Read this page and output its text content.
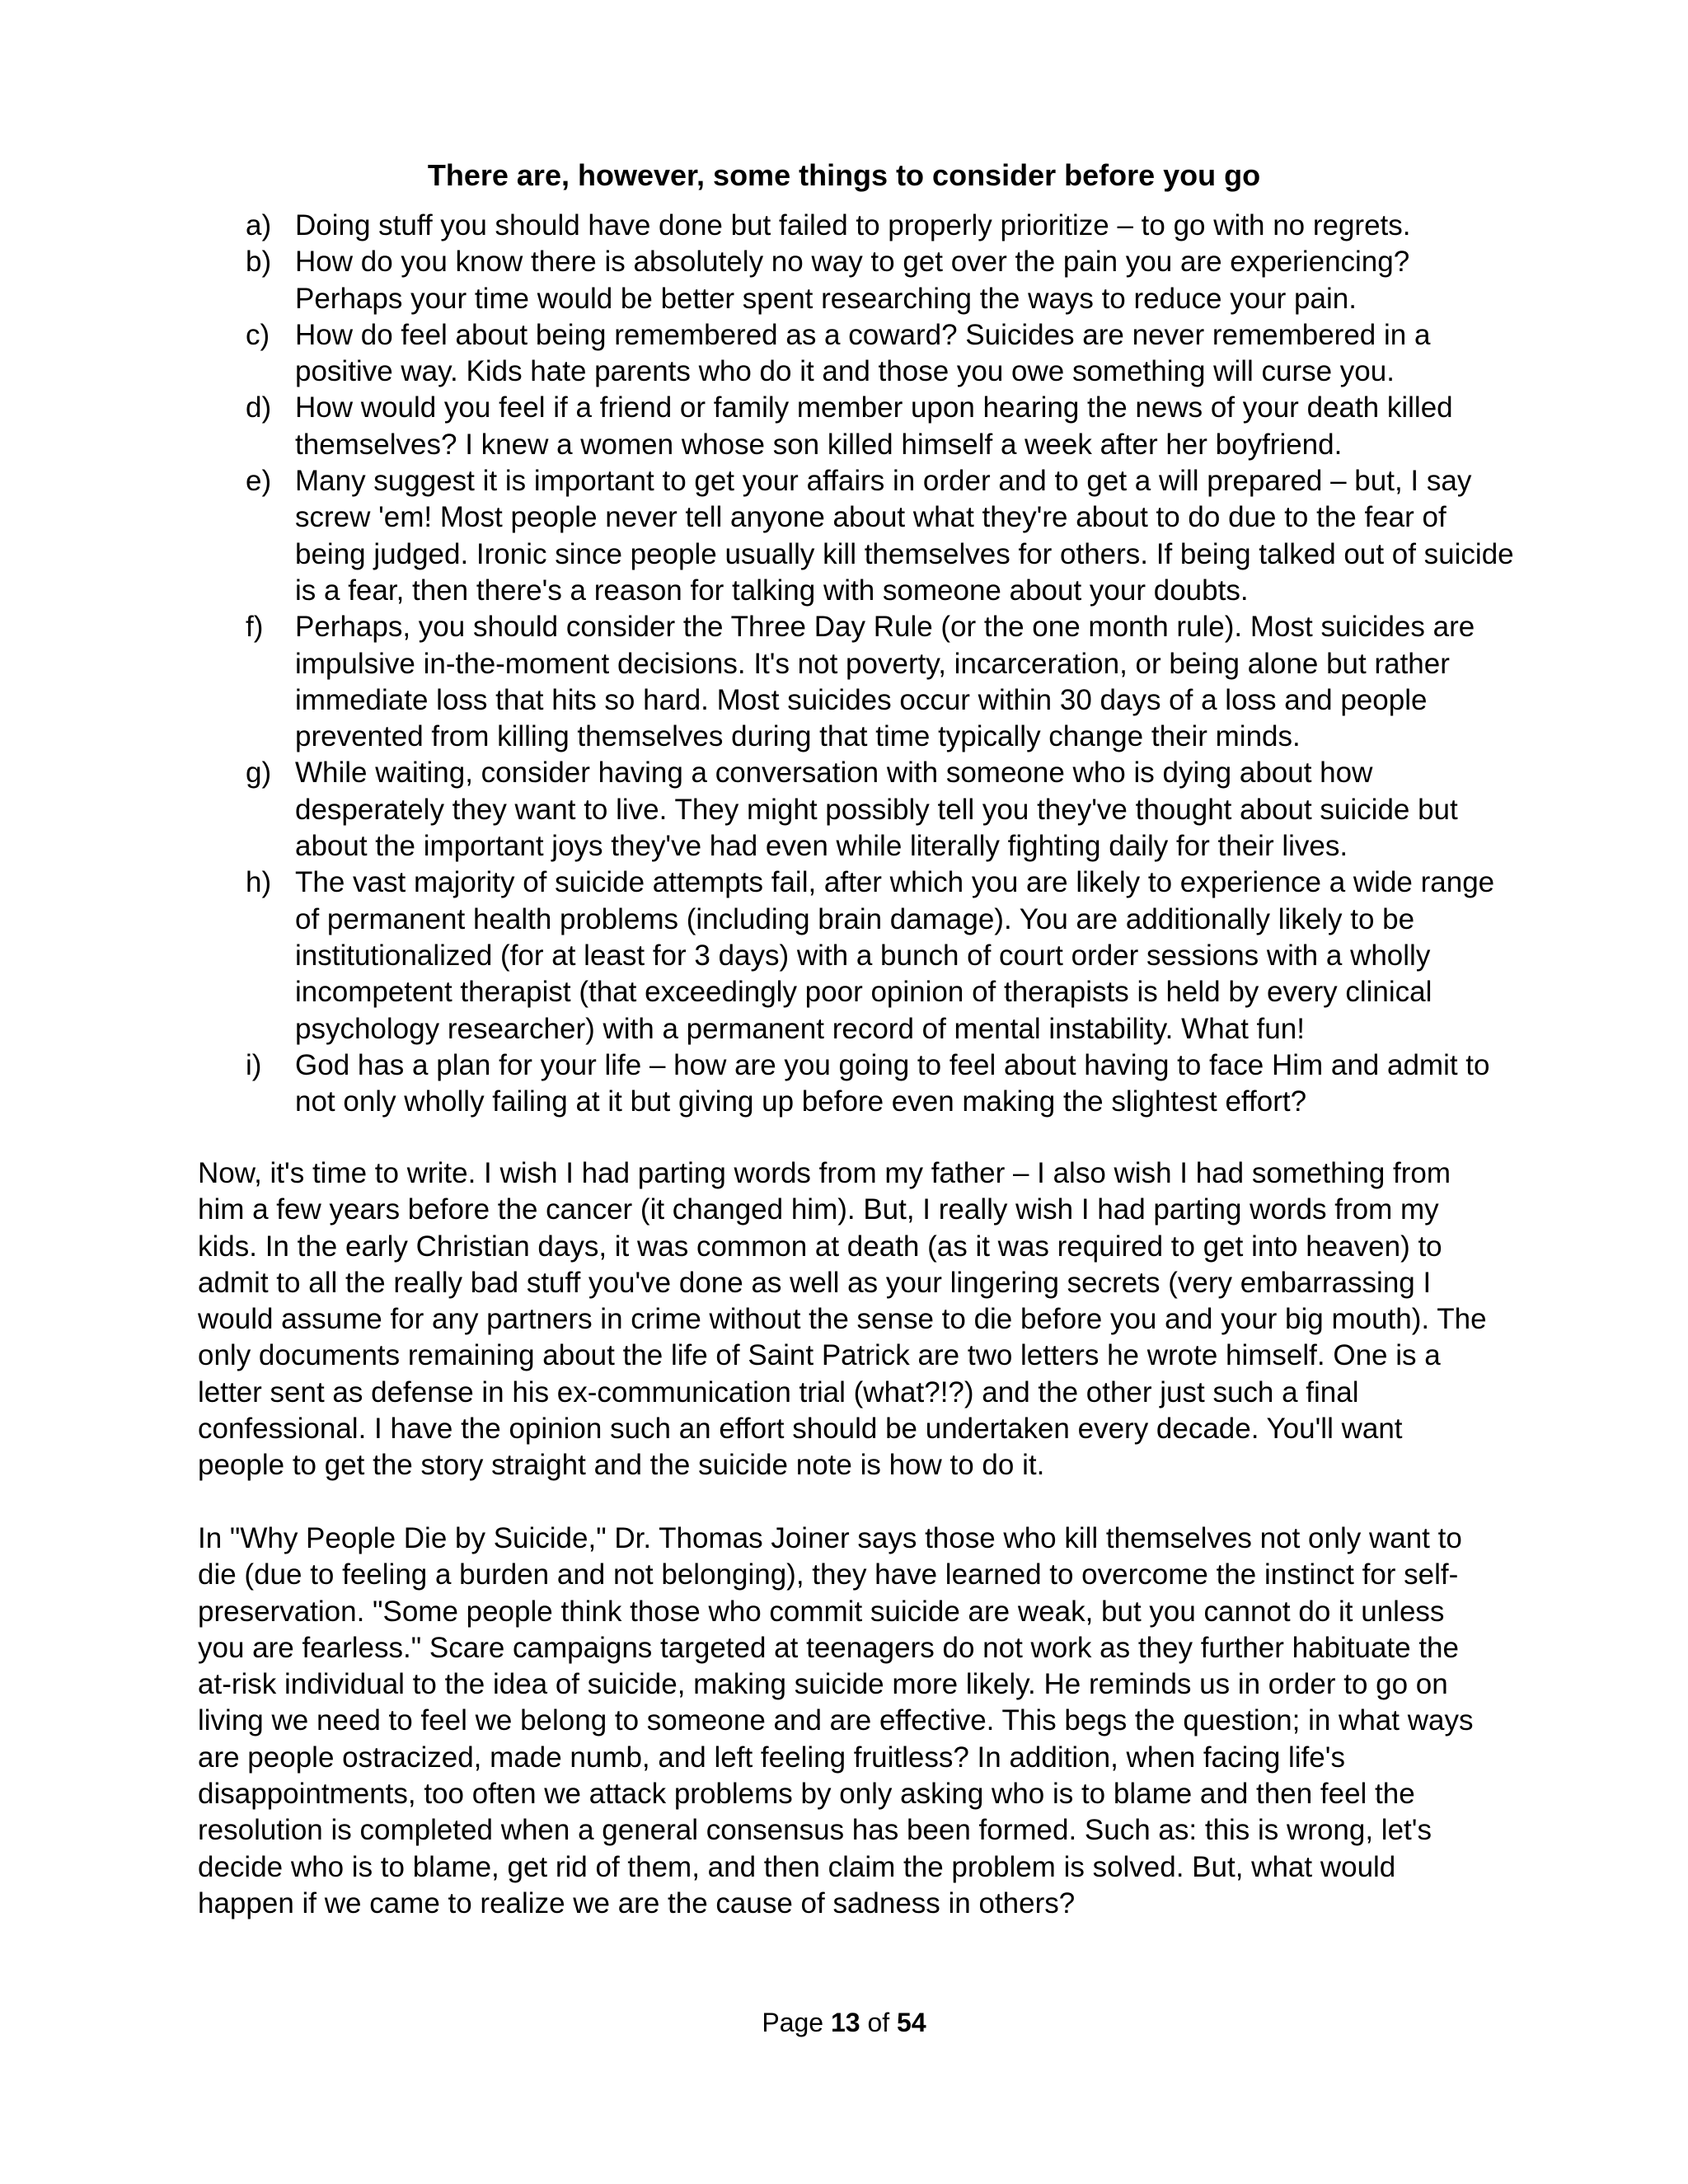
There are, however, some things to consider before you go
a) Doing stuff you should have done but failed to properly prioritize – to go with no regrets.
b) How do you know there is absolutely no way to get over the pain you are experiencing? Perhaps your time would be better spent researching the ways to reduce your pain.
c) How do feel about being remembered as a coward? Suicides are never remembered in a positive way. Kids hate parents who do it and those you owe something will curse you.
d) How would you feel if a friend or family member upon hearing the news of your death killed themselves? I knew a women whose son killed himself a week after her boyfriend.
e) Many suggest it is important to get your affairs in order and to get a will prepared – but, I say screw 'em! Most people never tell anyone about what they're about to do due to the fear of being judged. Ironic since people usually kill themselves for others. If being talked out of suicide is a fear, then there's a reason for talking with someone about your doubts.
f) Perhaps, you should consider the Three Day Rule (or the one month rule). Most suicides are impulsive in-the-moment decisions. It's not poverty, incarceration, or being alone but rather immediate loss that hits so hard. Most suicides occur within 30 days of a loss and people prevented from killing themselves during that time typically change their minds.
g) While waiting, consider having a conversation with someone who is dying about how desperately they want to live. They might possibly tell you they've thought about suicide but about the important joys they've had even while literally fighting daily for their lives.
h) The vast majority of suicide attempts fail, after which you are likely to experience a wide range of permanent health problems (including brain damage). You are additionally likely to be institutionalized (for at least for 3 days) with a bunch of court order sessions with a wholly incompetent therapist (that exceedingly poor opinion of therapists is held by every clinical psychology researcher) with a permanent record of mental instability. What fun!
i) God has a plan for your life – how are you going to feel about having to face Him and admit to not only wholly failing at it but giving up before even making the slightest effort?

Now, it's time to write. I wish I had parting words from my father – I also wish I had something from him a few years before the cancer (it changed him). But, I really wish I had parting words from my kids. In the early Christian days, it was common at death (as it was required to get into heaven) to admit to all the really bad stuff you've done as well as your lingering secrets (very embarrassing I would assume for any partners in crime without the sense to die before you and your big mouth). The only documents remaining about the life of Saint Patrick are two letters he wrote himself. One is a letter sent as defense in his ex-communication trial (what?!?) and the other just such a final confessional. I have the opinion such an effort should be undertaken every decade. You'll want people to get the story straight and the suicide note is how to do it.

In "Why People Die by Suicide," Dr. Thomas Joiner says those who kill themselves not only want to die (due to feeling a burden and not belonging), they have learned to overcome the instinct for self-preservation. "Some people think those who commit suicide are weak, but you cannot do it unless you are fearless." Scare campaigns targeted at teenagers do not work as they further habituate the at-risk individual to the idea of suicide, making suicide more likely. He reminds us in order to go on living we need to feel we belong to someone and are effective. This begs the question; in what ways are people ostracized, made numb, and left feeling fruitless? In addition, when facing life's disappointments, too often we attack problems by only asking who is to blame and then feel the resolution is completed when a general consensus has been formed. Such as: this is wrong, let's decide who is to blame, get rid of them, and then claim the problem is solved. But, what would happen if we came to realize we are the cause of sadness in others?

Page 13 of 54
